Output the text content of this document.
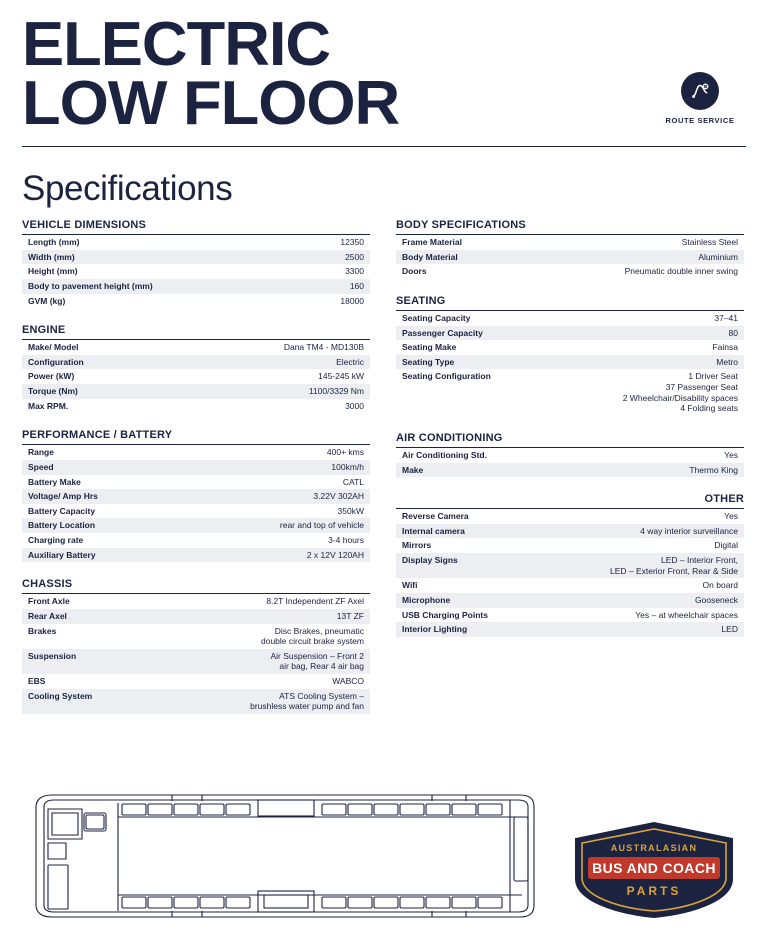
ELECTRIC
LOW FLOOR	ROUTE SERVICE
Specifications
VEHICLE DIMENSIONS
Length (mm)	12350
Width (mm)	2500
Height (mm)	3300
Body to pavement height (mm)	160
GVM (kg)	18000
ENGINE
Make/ Model	Dana TM4 - MD130B
Configuration	Electric
Power (kW)	145-245 kW
Torque (Nm)	1100/3329 Nm
Max RPM.	3000
PERFORMANCE / BATTERY
Range	400+ kms
Speed	100km/h
Battery Make	CATL
Voltage/ Amp Hrs	3.22V 302AH
Battery Capacity	350kW
Battery Location	rear and top of vehicle
Charging rate	3-4 hours
Auxiliary Battery	2 x 12V 120AH
CHASSIS
Front Axle	8.2T Independent ZF Axel
Rear Axel	13T ZF
Brakes	Disc Brakes, pneumatic
double circuit brake system

Suspension	Air Suspension – Front 2
air bag, Rear 4 air bag

EBS	WABCO
Cooling System	ATS Cooling System –
brushless water pump and fan
BODY SPECIFICATIONS
Frame Material	Stainless Steel
Body Material	Aluminium
Doors	Pneumatic double inner swing
SEATING
Seating Capacity	37–41
Passenger Capacity	80
Seating Make	Fainsa
Seating Type	Metro
Seating Configuration	1 Driver Seat
37 Passenger Seat
2 Wheelchair/Disability spaces
4 Folding seats
AIR CONDITIONING
Air Conditioning Std.	Yes
Make	Thermo King
OTHER
Reverse Camera	Yes
Internal camera	4 way interior surveillance
Mirrors	Digital
Display Signs	LED – Interior Front,
LED – Exterior Front, Rear & Side

Wifi	On board
Microphone	Gooseneck
USB Charging Points	Yes – at wheelchair spaces
Interior Lighting	LED
AUSTRALASIAN
BUS AND COACH
PARTS
